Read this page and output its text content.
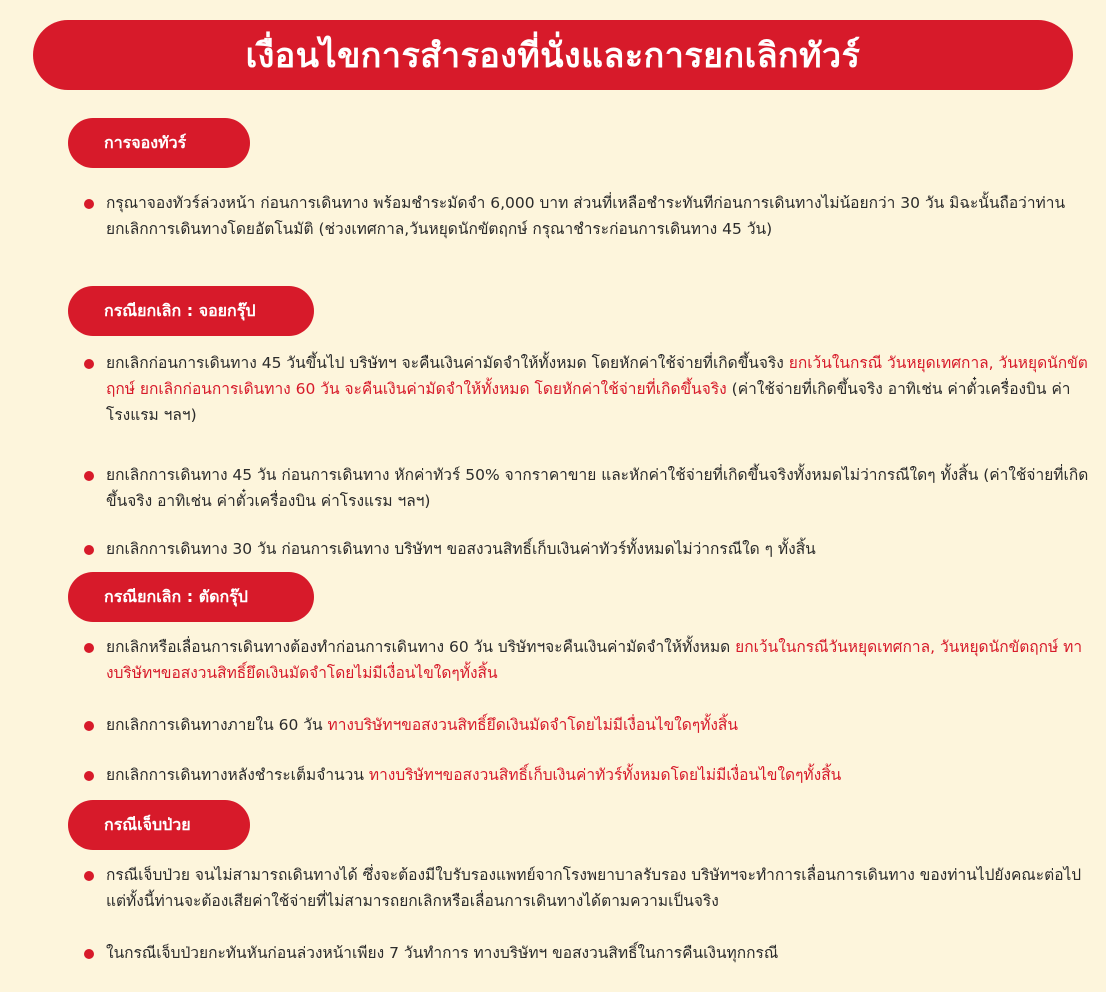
เงื่อนไขการสำรองที่นั่งและการยกเลิกทัวร์
การจองทัวร์
กรุณาจองทัวร์ล่วงหน้า ก่อนการเดินทาง พร้อมชำระมัดจำ 6,000 บาท ส่วนที่เหลือชำระทันทีก่อนการเดินทางไม่น้อยกว่า 30 วัน มิฉะนั้นถือว่าท่านยกเลิกการเดินทางโดยอัตโนมัติ (ช่วงเทศกาล,วันหยุดนักขัตฤกษ์ กรุณาชำระก่อนการเดินทาง 45 วัน)
กรณียกเลิก : จอยกรุ๊ป
ยกเลิกก่อนการเดินทาง 45 วันขึ้นไป บริษัทฯ จะคืนเงินค่ามัดจำให้ทั้งหมด โดยหักค่าใช้จ่ายที่เกิดขึ้นจริง ยกเว้นในกรณี วันหยุดเทศกาล, วันหยุดนักขัตฤกษ์ ยกเลิกก่อนการเดินทาง 60 วัน จะคืนเงินค่ามัดจำให้ทั้งหมด โดยหักค่าใช้จ่ายที่เกิดขึ้นจริง (ค่าใช้จ่ายที่เกิดขึ้นจริง อาทิเช่น ค่าตั๋วเครื่องบิน ค่าโรงแรม ฯลฯ)
ยกเลิกการเดินทาง 45 วัน ก่อนการเดินทาง หักค่าทัวร์ 50% จากราคาขาย และหักค่าใช้จ่ายที่เกิดขึ้นจริงทั้งหมดไม่ว่ากรณีใดๆ ทั้งสิ้น (ค่าใช้จ่ายที่เกิดขึ้นจริง อาทิเช่น ค่าตั๋วเครื่องบิน ค่าโรงแรม ฯลฯ)
ยกเลิกการเดินทาง 30 วัน ก่อนการเดินทาง บริษัทฯ ขอสงวนสิทธิ์เก็บเงินค่าทัวร์ทั้งหมดไม่ว่ากรณีใด ๆ ทั้งสิ้น
กรณียกเลิก : ตัดกรุ๊ป
ยกเลิกหรือเลื่อนการเดินทางต้องทำก่อนการเดินทาง 60 วัน บริษัทฯจะคืนเงินค่ามัดจำให้ทั้งหมด ยกเว้นในกรณีวันหยุดเทศกาล, วันหยุดนักขัตฤกษ์ ทางบริษัทฯขอสงวนสิทธิ์ยึดเงินมัดจำโดยไม่มีเงื่อนไขใดๆทั้งสิ้น
ยกเลิกการเดินทางภายใน 60 วัน ทางบริษัทฯขอสงวนสิทธิ์ยึดเงินมัดจำโดยไม่มีเงื่อนไขใดๆทั้งสิ้น
ยกเลิกการเดินทางหลังชำระเต็มจำนวน ทางบริษัทฯขอสงวนสิทธิ์เก็บเงินค่าทัวร์ทั้งหมดโดยไม่มีเงื่อนไขใดๆทั้งสิ้น
กรณีเจ็บป่วย
กรณีเจ็บป่วย จนไม่สามารถเดินทางได้ ซึ่งจะต้องมีใบรับรองแพทย์จากโรงพยาบาลรับรอง บริษัทฯจะทำการเลื่อนการเดินทาง ของท่านไปยังคณะต่อไป แต่ทั้งนี้ท่านจะต้องเสียค่าใช้จ่ายที่ไม่สามารถยกเลิกหรือเลื่อนการเดินทางได้ตามความเป็นจริง
ในกรณีเจ็บป่วยกะทันหันก่อนล่วงหน้าเพียง 7 วันทำการ ทางบริษัทฯ ขอสงวนสิทธิ์ในการคืนเงินทุกกรณี
